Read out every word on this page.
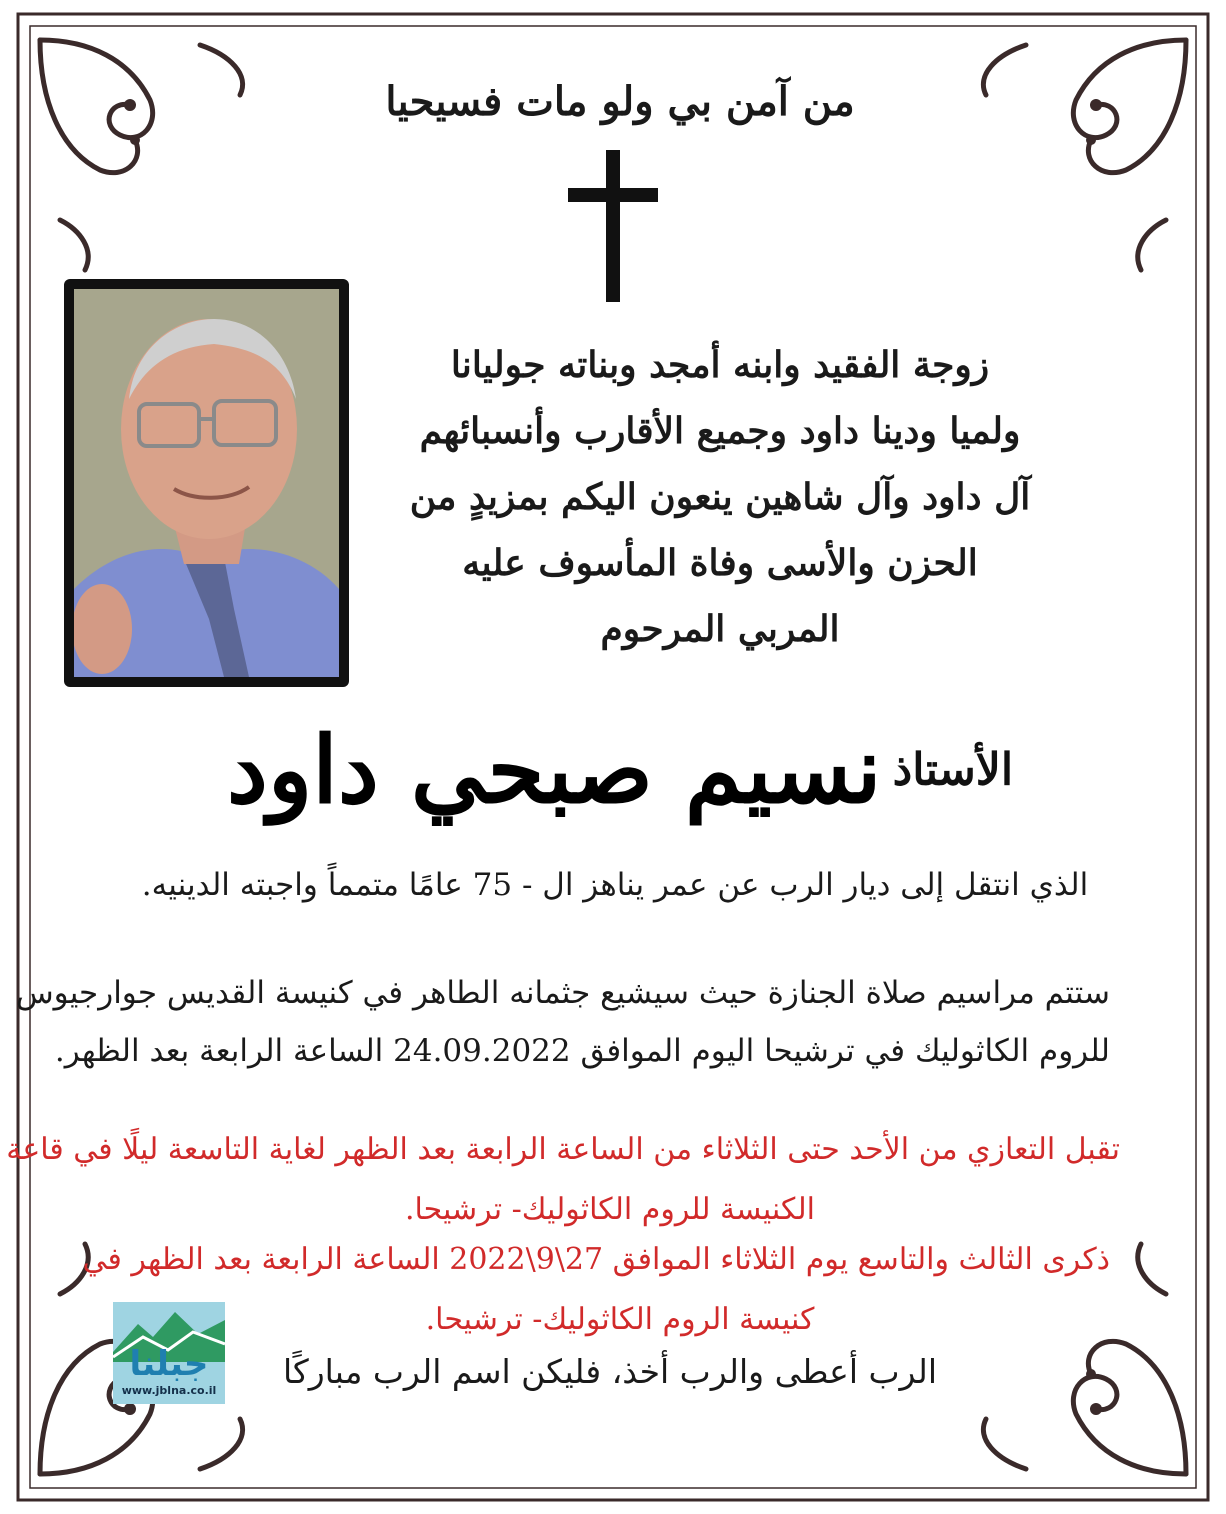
من آمن بي ولو مات فسيحيا
زوجة الفقيد وابنه أمجد وبناته جوليانا
ولميا ودينا داود وجميع الأقارب وأنسبائهم
آل داود وآل شاهين ينعون اليكم بمزيدٍ من
الحزن والأسى وفاة المأسوف عليه
المربي المرحوم
الأستاذ نسيم صبحي داود
الذي انتقل إلى ديار الرب عن عمر يناهز ال - 75 عامًا متمماً واجبته الدينيه.
ستتم مراسيم صلاة الجنازة حيث سيشيع جثمانه الطاهر في كنيسة القديس جوارجيوس
للروم الكاثوليك في ترشيحا اليوم الموافق 24.09.2022 الساعة الرابعة بعد الظهر.
تقبل التعازي من الأحد حتى الثلاثاء من الساعة الرابعة بعد الظهر لغاية التاسعة ليلًا في قاعة
الكنيسة للروم الكاثوليك- ترشيحا.
ذكرى الثالث والتاسع يوم الثلاثاء الموافق 27\9\2022 الساعة الرابعة بعد الظهر في
كنيسة الروم الكاثوليك- ترشيحا.
الرب أعطى والرب أخذ، فليكن اسم الرب مباركًا
جبلنا
www.jblna.co.il
